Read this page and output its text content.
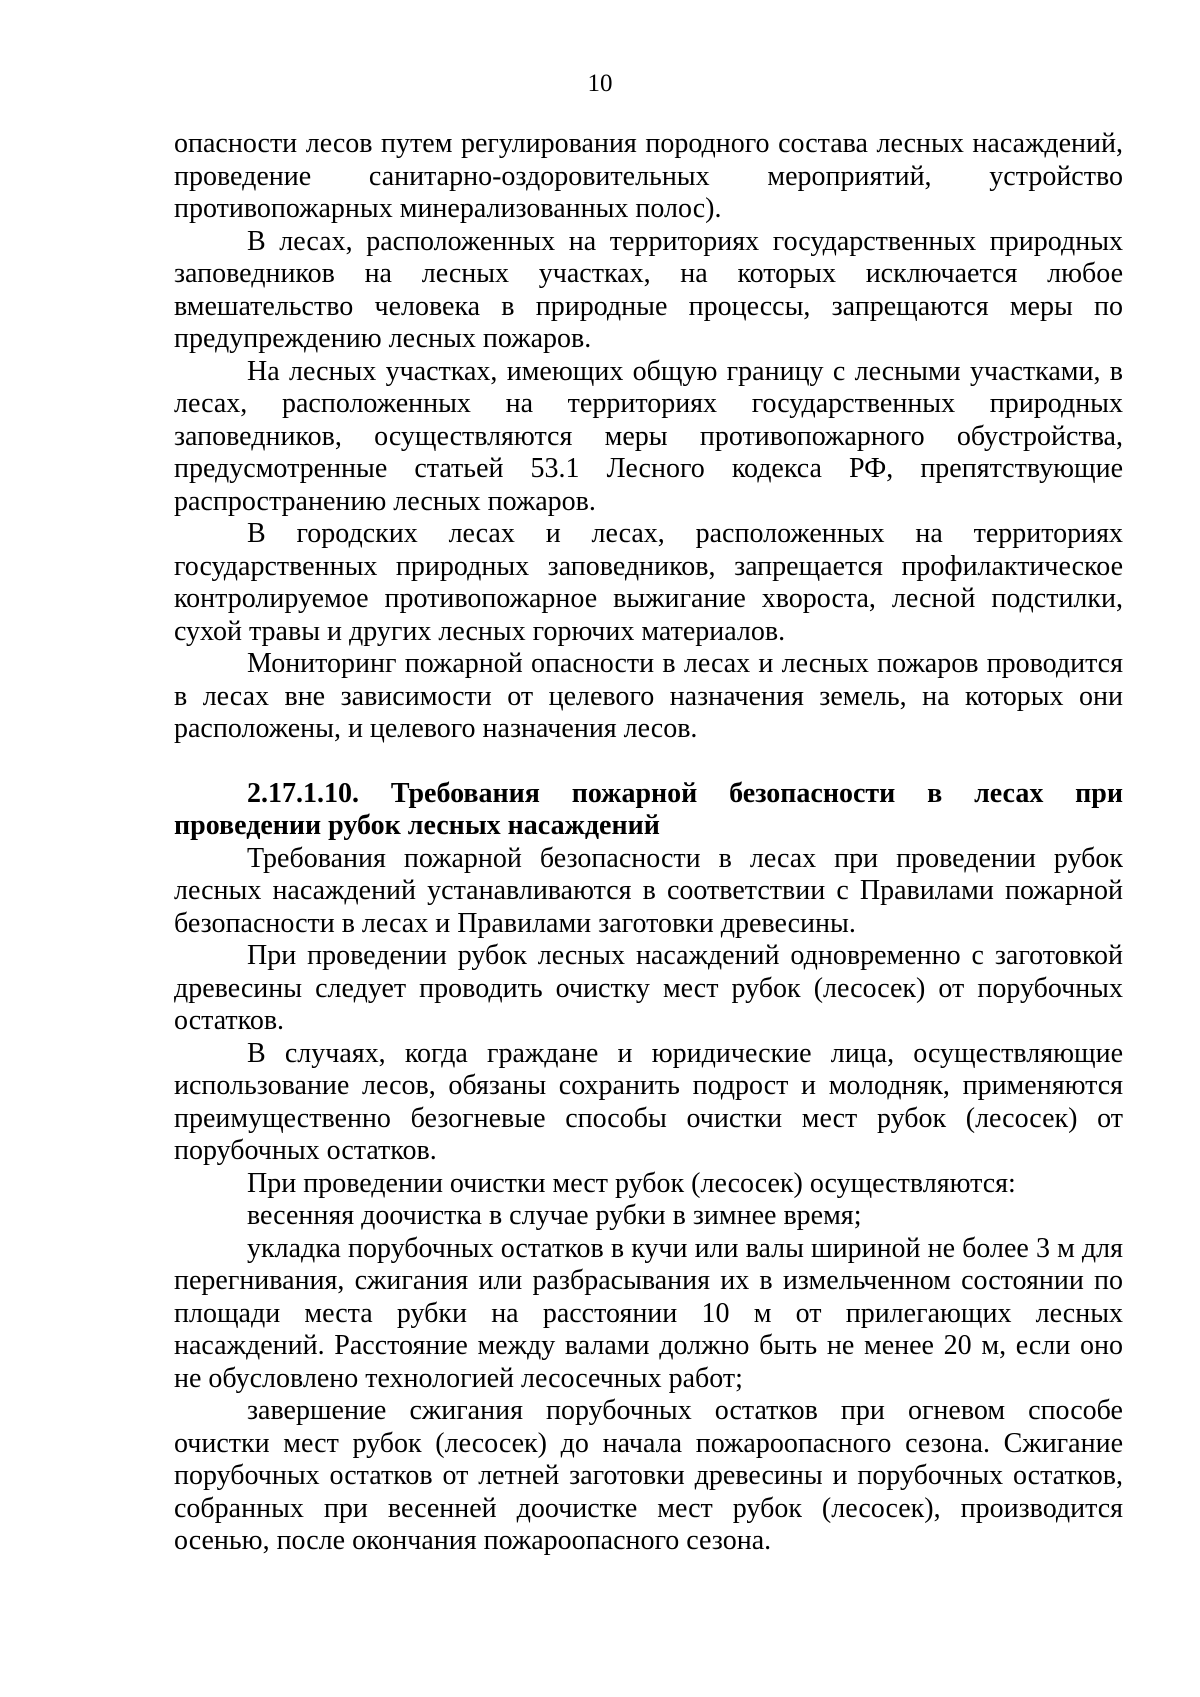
10

опасности лесов путем регулирования породного состава лесных насаждений, проведение санитарно-оздоровительных мероприятий, устройство противопожарных минерализованных полос).

В лесах, расположенных на территориях государственных природных заповедников на лесных участках, на которых исключается любое вмешательство человека в природные процессы, запрещаются меры по предупреждению лесных пожаров.

На лесных участках, имеющих общую границу с лесными участками, в лесах, расположенных на территориях государственных природных заповедников, осуществляются меры противопожарного обустройства, предусмотренные статьей 53.1 Лесного кодекса РФ, препятствующие распространению лесных пожаров.

В городских лесах и лесах, расположенных на территориях государственных природных заповедников, запрещается профилактическое контролируемое противопожарное выжигание хвороста, лесной подстилки, сухой травы и других лесных горючих материалов.

Мониторинг пожарной опасности в лесах и лесных пожаров проводится в лесах вне зависимости от целевого назначения земель, на которых они расположены, и целевого назначения лесов.

2.17.1.10. Требования пожарной безопасности в лесах при проведении рубок лесных насаждений

Требования пожарной безопасности в лесах при проведении рубок лесных насаждений устанавливаются в соответствии с Правилами пожарной безопасности в лесах и Правилами заготовки древесины.

При проведении рубок лесных насаждений одновременно с заготовкой древесины следует проводить очистку мест рубок (лесосек) от порубочных остатков.

В случаях, когда граждане и юридические лица, осуществляющие использование лесов, обязаны сохранить подрост и молодняк, применяются преимущественно безогневые способы очистки мест рубок (лесосек) от порубочных остатков.

При проведении очистки мест рубок (лесосек) осуществляются:

весенняя доочистка в случае рубки в зимнее время;

укладка порубочных остатков в кучи или валы шириной не более 3 м для перегнивания, сжигания или разбрасывания их в измельченном состоянии по площади места рубки на расстоянии 10 м от прилегающих лесных насаждений. Расстояние между валами должно быть не менее 20 м, если оно не обусловлено технологией лесосечных работ;

завершение сжигания порубочных остатков при огневом способе очистки мест рубок (лесосек) до начала пожароопасного сезона. Сжигание порубочных остатков от летней заготовки древесины и порубочных остатков, собранных при весенней доочистке мест рубок (лесосек), производится осенью, после окончания пожароопасного сезона.
